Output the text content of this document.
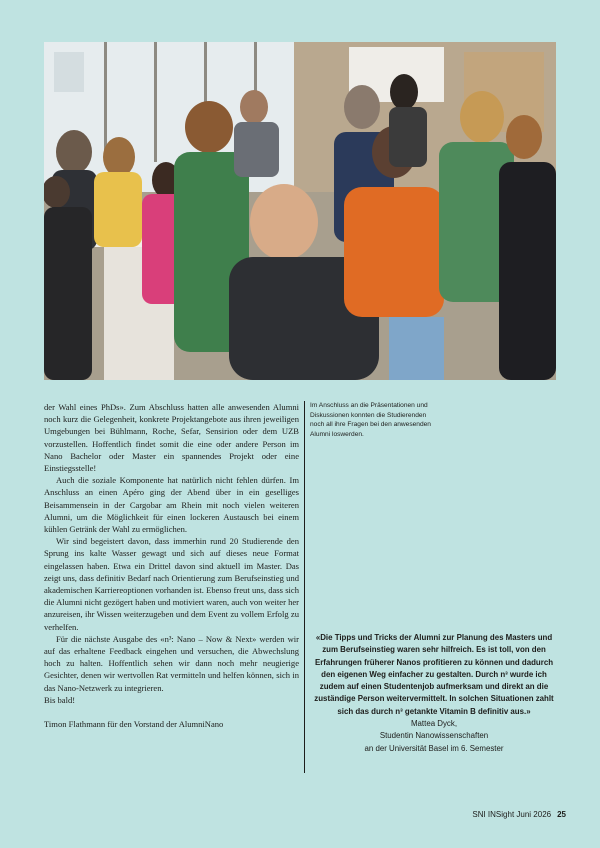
Im Anschluss an die Präsentationen und

Diskussionen konnten die Studierenden

noch all ihre Fragen bei den anwesenden

Alumni loswerden.

der Wahl eines PhDs». Zum Abschluss hatten alle anwesenden Alumni noch kurz die Gelegenheit, konkrete Projektangebote aus ihren jeweiligen Umgebungen bei Bühlmann, Roche, Sefar, Sensirion oder dem UZB vorzustellen. Hoffentlich findet somit die eine oder andere Person im Nano Bachelor oder Master ein spannendes Projekt oder eine Einstiegsstelle!

Auch die soziale Komponente hat natürlich nicht fehlen dürfen. Im Anschluss an einen Apéro ging der Abend über in ein geselliges Beisammensein in der Cargobar am Rhein mit noch vielen weiteren Alumni, um die Möglichkeit für einen lockeren Austausch bei einem kühlen Getränk der Wahl zu ermöglichen.

Wir sind begeistert davon, dass immerhin rund 20 Studierende den Sprung ins kalte Wasser gewagt und sich auf dieses neue Format eingelassen haben. Etwa ein Drittel davon sind aktuell im Master. Das zeigt uns, dass definitiv Bedarf nach Orientierung zum Berufseinstieg und akademischen Karriereoptionen vorhanden ist. Ebenso freut uns, dass sich die Alumni nicht gezögert haben und motiviert waren, auch von weiter her anzureisen, ihr Wissen weiterzugeben und dem Event zu vollem Erfolg zu verhelfen.

Für die nächste Ausgabe des «n³: Nano – Now & Next» werden wir auf das erhaltene Feedback eingehen und versuchen, die Abwechslung hoch zu halten. Hoffentlich sehen wir dann noch mehr neugierige Gesichter, denen wir wertvollen Rat vermitteln und helfen können, sich in das Nano-Netzwerk zu integrieren.

Bis bald!

Timon Flathmann für den Vorstand der AlumniNano

«Die Tipps und Tricks der Alumni zur Planung des Masters und zum Berufseinstieg waren sehr hilfreich. Es ist toll, von den Erfahrungen früherer Nanos profitieren zu können und dadurch den eigenen Weg einfacher zu gestalten. Durch n³ wurde ich zudem auf einen Studentenjob aufmerksam und direkt an die zuständige Person weitervermittelt. In solchen Situationen zahlt sich das durch n³ getankte Vitamin B definitiv aus.»

Mattea Dyck,

Studentin Nanowissenschaften

an der Universität Basel im 6. Semester

SNI INSight Juni 2026 25
